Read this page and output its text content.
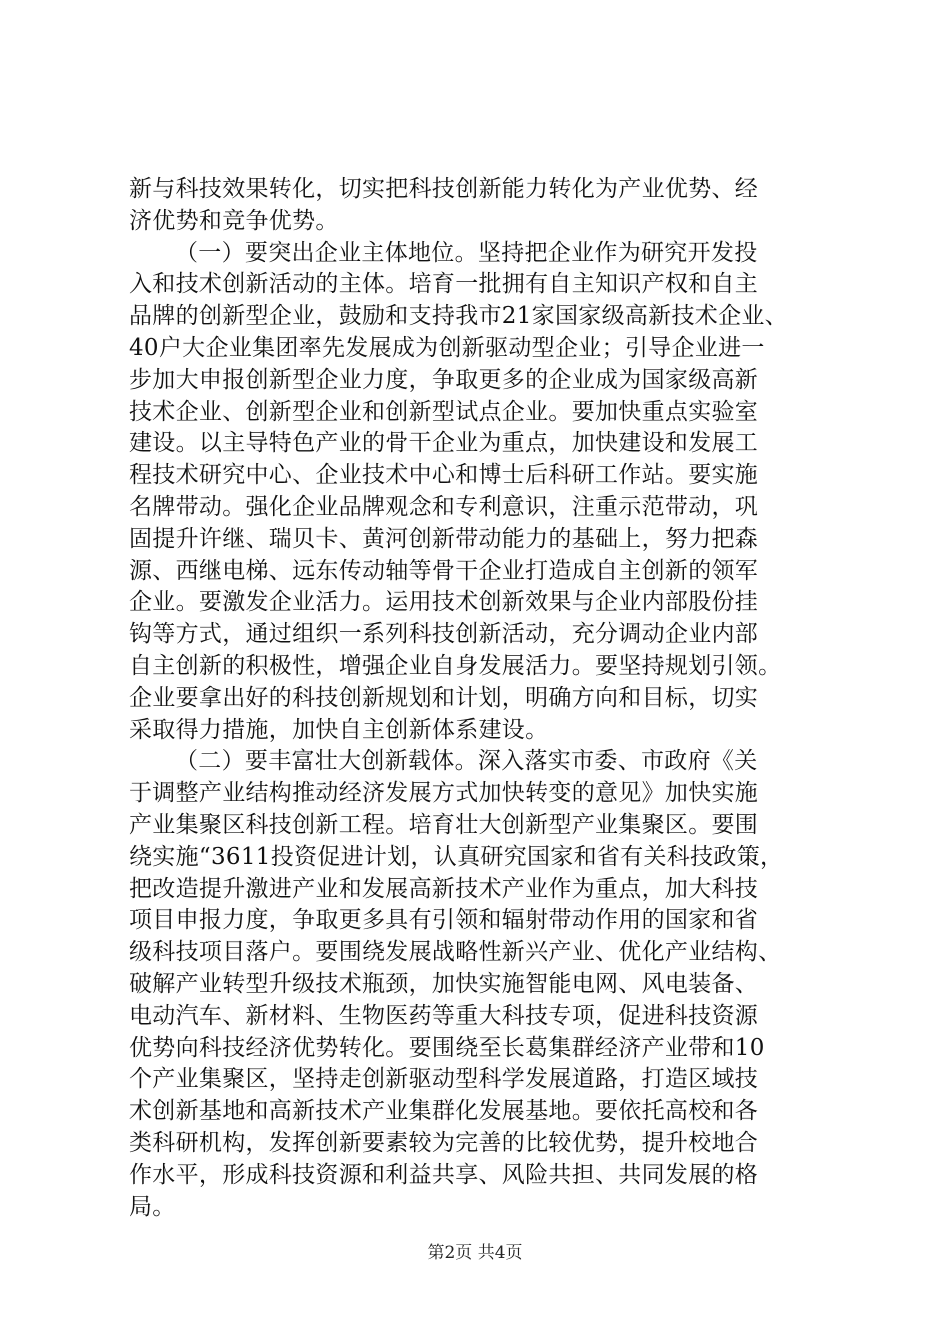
新与科技效果转化，切实把科技创新能力转化为产业优势、经
济优势和竞争优势。
（一）要突出企业主体地位。坚持把企业作为研究开发投
入和技术创新活动的主体。培育一批拥有自主知识产权和自主
品牌的创新型企业，鼓励和支持我市21家国家级高新技术企业、
40户大企业集团率先发展成为创新驱动型企业；引导企业进一
步加大申报创新型企业力度，争取更多的企业成为国家级高新
技术企业、创新型企业和创新型试点企业。要加快重点实验室
建设。以主导特色产业的骨干企业为重点，加快建设和发展工
程技术研究中心、企业技术中心和博士后科研工作站。要实施
名牌带动。强化企业品牌观念和专利意识，注重示范带动，巩
固提升许继、瑞贝卡、黄河创新带动能力的基础上，努力把森
源、西继电梯、远东传动轴等骨干企业打造成自主创新的领军
企业。要激发企业活力。运用技术创新效果与企业内部股份挂
钩等方式，通过组织一系列科技创新活动，充分调动企业内部
自主创新的积极性，增强企业自身发展活力。要坚持规划引领。
企业要拿出好的科技创新规划和计划，明确方向和目标，切实
采取得力措施，加快自主创新体系建设。
（二）要丰富壮大创新载体。深入落实市委、市政府《关
于调整产业结构推动经济发展方式加快转变的意见》加快实施
产业集聚区科技创新工程。培育壮大创新型产业集聚区。要围
绕实施“3611投资促进计划，认真研究国家和省有关科技政策，
把改造提升激进产业和发展高新技术产业作为重点，加大科技
项目申报力度，争取更多具有引领和辐射带动作用的国家和省
级科技项目落户。要围绕发展战略性新兴产业、优化产业结构、
破解产业转型升级技术瓶颈，加快实施智能电网、风电装备、
电动汽车、新材料、生物医药等重大科技专项，促进科技资源
优势向科技经济优势转化。要围绕至长葛集群经济产业带和10
个产业集聚区，坚持走创新驱动型科学发展道路，打造区域技
术创新基地和高新技术产业集群化发展基地。要依托高校和各
类科研机构，发挥创新要素较为完善的比较优势，提升校地合
作水平，形成科技资源和利益共享、风险共担、共同发展的格
局。
第2页 共4页
